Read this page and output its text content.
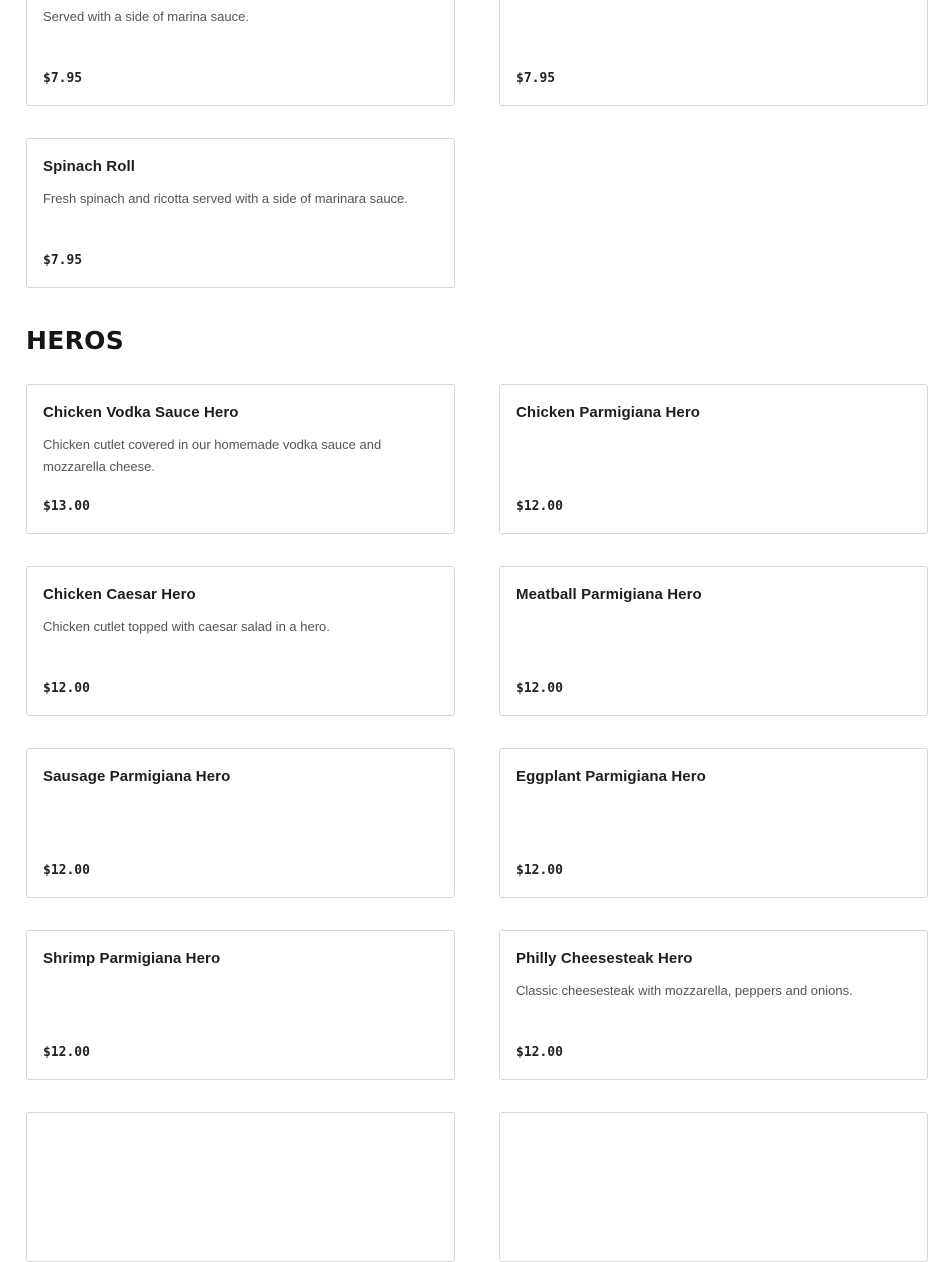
Served with a side of marina sauce.
$7.95	$7.95
Spinach Roll
Fresh spinach and ricotta served with a side of marinara sauce.
$7.95
HEROS
Chicken Vodka Sauce Hero
Chicken cutlet covered in our homemade vodka sauce and mozzarella cheese.
$13.00
Chicken Parmigiana Hero
$12.00
Chicken Caesar Hero
Chicken cutlet topped with caesar salad in a hero.
$12.00
Meatball Parmigiana Hero
$12.00
Sausage Parmigiana Hero
$12.00
Eggplant Parmigiana Hero
$12.00
Shrimp Parmigiana Hero
$12.00
Philly Cheesesteak Hero
Classic cheesesteak with mozzarella, peppers and onions.
$12.00
